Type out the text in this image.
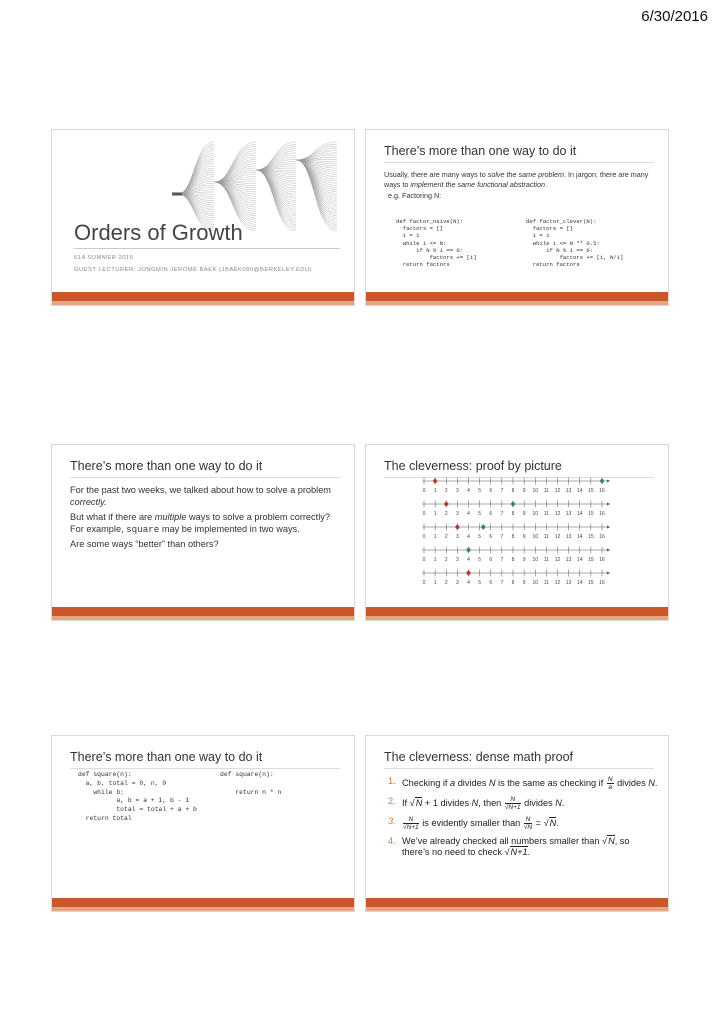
6/30/2016
Orders of Growth
61A SUMMER 2016
GUEST LECTURER: JONGMIN JEROME BAEK (JBAEK080@BERKELEY.EDU)
There’s more than one way to do it

Usually, there are many ways to solve the same problem. In jargon: there are many ways to implement the same functional abstraction.

e.g. Factoring N:

def factor_naive(N):
factors = []
i = 1
while i <= N:
if N % i == 0:
factors += [i]
return factors
def factor_clever(N):
factors = []
i = 1
while i <= N ** 0.5:
if N % i == 0:
factors += [i, N/i]
return factors
There’s more than one way to do it

For the past two weeks, we talked about how to solve a problem correctly.

But what if there are multiple ways to solve a problem correctly? For example, square may be implemented in two ways.

Are some ways “better” than others?

The cleverness: proof by picture
0 1 2 3 4 5 6 7 8 9 10 11 12 13 14 15 16
0 1 2 3 4 5 6 7 8 9 10 11 12 13 14 15 16
0 1 2 3 4 5 6 7 8 9 10 11 12 13 14 15 16
0 1 2 3 4 5 6 7 8 9 10 11 12 13 14 15 16
0 1 2 3 4 5 6 7 8 9 10 11 12 13 14 15 16
There’s more than one way to do it
def square(n):
a, b, total = 0, n, 0
while b:
a, b = a + 1, b - 1
total = total + a + b
return total
def square(n):

return n * n
The cleverness: dense math proof
1. Checking if a divides N is the same as checking if $\frac{N}{a}$ divides N.
2. If √N + 1 divides N, then $\frac{N}{√N+1}$ divides N.
3.	$\frac{N}{√N+1}$ is evidently smaller than $\frac{N}{√N} = √N$.
4. We’ve already checked all numbers smaller than √N, so there’s no need to check √N+1.
